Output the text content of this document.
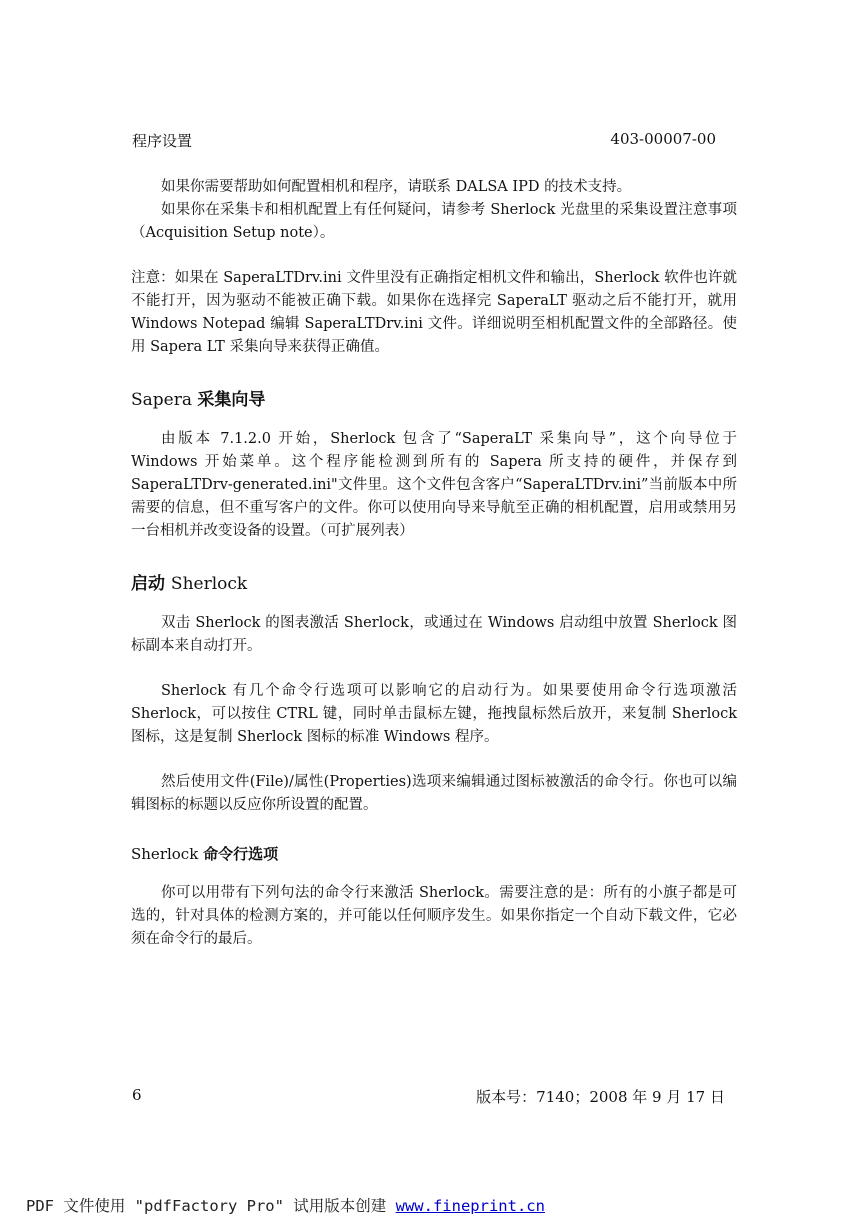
程序设置	403-00007-00

如果你需要帮助如何配置相机和程序，请联系 DALSA IPD 的技术支持。

如果你在采集卡和相机配置上有任何疑问，请参考 Sherlock 光盘里的采集设置注意事项（Acquisition Setup note）。

注意：如果在 SaperaLTDrv.ini 文件里没有正确指定相机文件和输出，Sherlock 软件也许就不能打开，因为驱动不能被正确下载。如果你在选择完 SaperaLT 驱动之后不能打开，就用 Windows Notepad 编辑 SaperaLTDrv.ini 文件。详细说明至相机配置文件的全部路径。使用 Sapera LT 采集向导来获得正确值。

Sapera 采集向导

由版本 7.1.2.0 开始，Sherlock 包含了“SaperaLT 采集向导”，这个向导位于 Windows 开始菜单。这个程序能检测到所有的 Sapera 所支持的硬件，并保存到 SaperaLTDrv-generated.ini"文件里。这个文件包含客户“SaperaLTDrv.ini”当前版本中所需要的信息，但不重写客户的文件。你可以使用向导来导航至正确的相机配置，启用或禁用另一台相机并改变设备的设置。（可扩展列表）

启动 Sherlock

双击 Sherlock 的图表激活 Sherlock，或通过在 Windows 启动组中放置 Sherlock 图标副本来自动打开。

Sherlock 有几个命令行选项可以影响它的启动行为。如果要使用命令行选项激活 Sherlock，可以按住 CTRL 键，同时单击鼠标左键，拖拽鼠标然后放开，来复制 Sherlock 图标，这是复制 Sherlock 图标的标准 Windows 程序。

然后使用文件(File)/属性(Properties)选项来编辑通过图标被激活的命令行。你也可以编辑图标的标题以反应你所设置的配置。

Sherlock 命令行选项

你可以用带有下列句法的命令行来激活 Sherlock。需要注意的是：所有的小旗子都是可选的，针对具体的检测方案的，并可能以任何顺序发生。如果你指定一个自动下载文件，它必须在命令行的最后。

6	版本号：7140；2008 年 9 月 17 日
PDF 文件使用 "pdfFactory Pro" 试用版本创建 www.fineprint.cn
